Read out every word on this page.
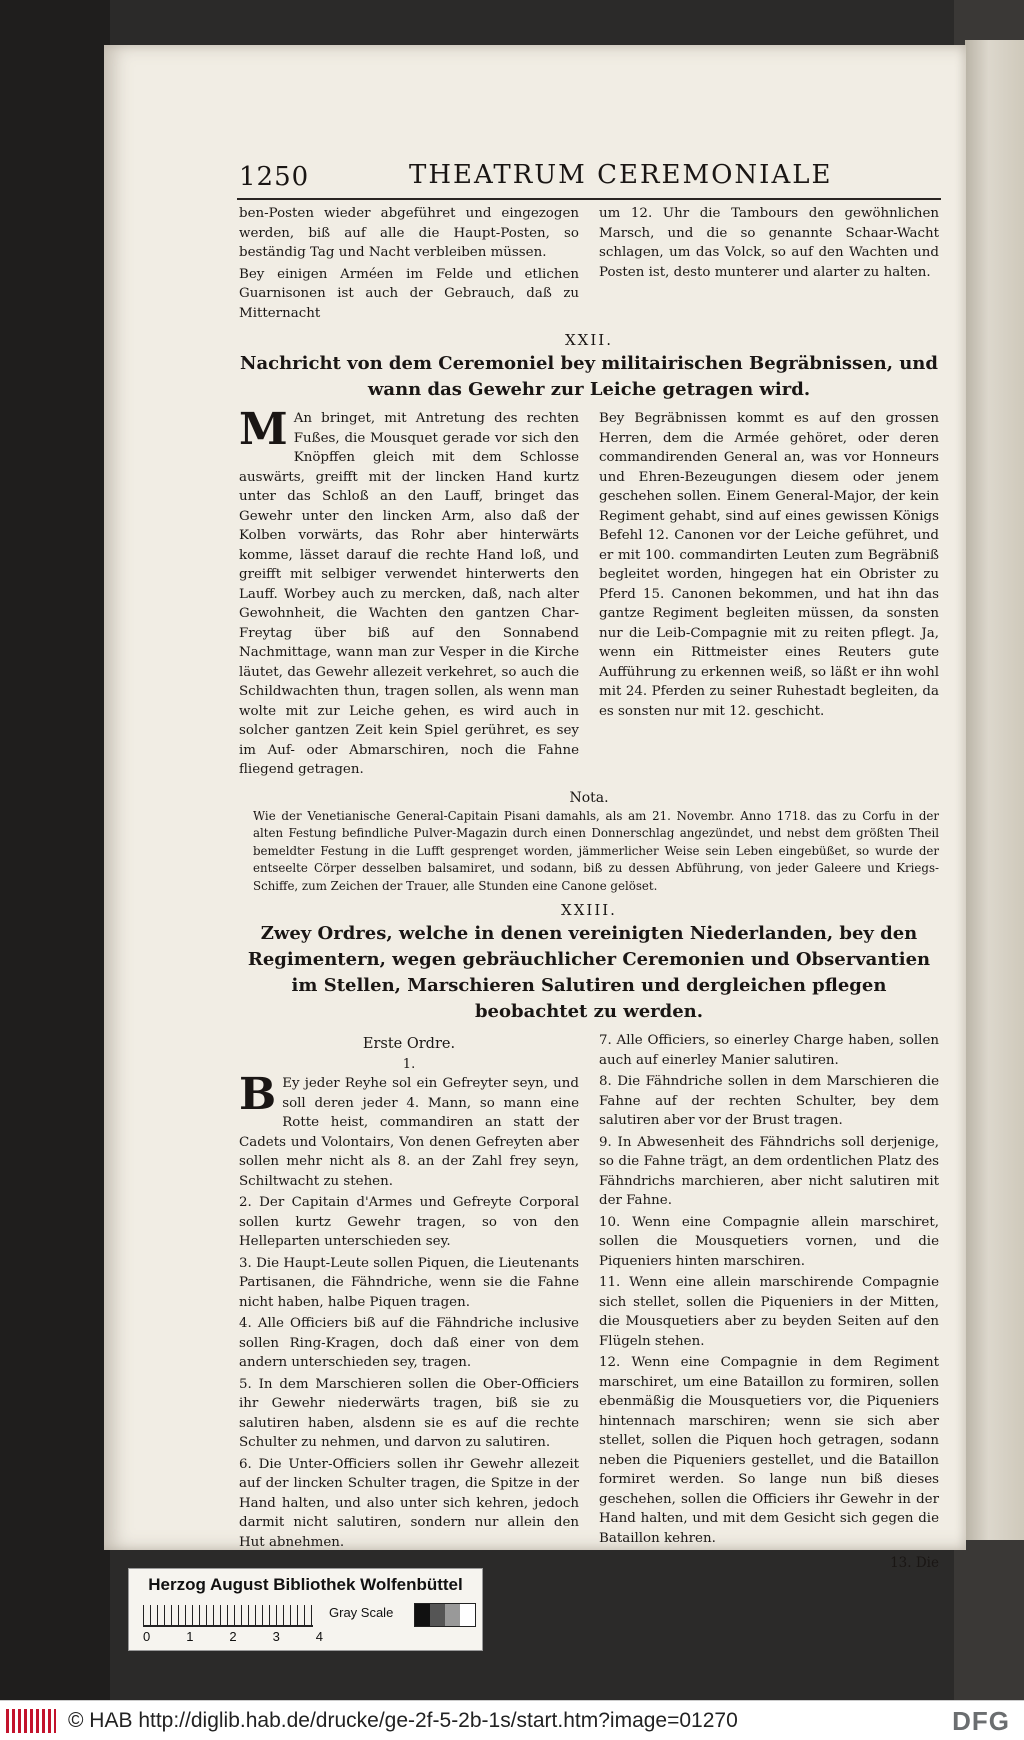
1250	THEATRUM CEREMONIALE

ben-Posten wieder abgeführet und eingezogen werden, biß auf alle die Haupt-Posten, so beständig Tag und Nacht verbleiben müssen.

Bey einigen Arméen im Felde und etlichen Guarnisonen ist auch der Gebrauch, daß zu Mitternacht

um 12. Uhr die Tambours den gewöhnlichen Marsch, und die so genannte Schaar-Wacht schlagen, um das Volck, so auf den Wachten und Posten ist, desto munterer und alarter zu halten.

XXII.
Nachricht von dem Ceremoniel bey militairischen Begräbnissen, und wann das Gewehr zur Leiche getragen wird.

M An bringet, mit Antretung des rechten Fußes, die Mousquet gerade vor sich den Knöpffen gleich mit dem Schlosse auswärts, greifft mit der lincken Hand kurtz unter das Schloß an den Lauff, bringet das Gewehr unter den lincken Arm, also daß der Kolben vorwärts, das Rohr aber hinterwärts komme, lässet darauf die rechte Hand loß, und greifft mit selbiger verwendet hinterwerts den Lauff. Worbey auch zu mercken, daß, nach alter Gewohnheit, die Wachten den gantzen Char-Freytag über biß auf den Sonnabend Nachmittage, wann man zur Vesper in die Kirche läutet, das Gewehr allezeit verkehret, so auch die Schildwachten thun, tragen sollen, als wenn man wolte mit zur Leiche gehen, es wird auch in solcher gantzen Zeit kein Spiel gerühret, es sey im Auf- oder Abmarschiren, noch die Fahne fliegend getragen.

Bey Begräbnissen kommt es auf den grossen Herren, dem die Armée gehöret, oder deren commandirenden General an, was vor Honneurs und Ehren-Bezeugungen diesem oder jenem geschehen sollen. Einem General-Major, der kein Regiment gehabt, sind auf eines gewissen Königs Befehl 12. Canonen vor der Leiche geführet, und er mit 100. commandirten Leuten zum Begräbniß begleitet worden, hingegen hat ein Obrister zu Pferd 15. Canonen bekommen, und hat ihn das gantze Regiment begleiten müssen, da sonsten nur die Leib-Compagnie mit zu reiten pflegt. Ja, wenn ein Rittmeister eines Reuters gute Aufführung zu erkennen weiß, so läßt er ihn wohl mit 24. Pferden zu seiner Ruhestadt begleiten, da es sonsten nur mit 12. geschicht.

Nota.

Wie der Venetianische General-Capitain Pisani damahls, als am 21. Novembr. Anno 1718. das zu Corfu in der alten Festung befindliche Pulver-Magazin durch einen Donnerschlag angezündet, und nebst dem größten Theil bemeldter Festung in die Lufft gesprenget worden, jämmerlicher Weise sein Leben eingebüßet, so wurde der entseelte Cörper desselben balsamiret, und sodann, biß zu dessen Abführung, von jeder Galeere und Kriegs-Schiffe, zum Zeichen der Trauer, alle Stunden eine Canone gelöset.

XXIII.
Zwey Ordres, welche in denen vereinigten Niederlanden, bey den Regimentern, wegen gebräuchlicher Ceremonien und Observantien im Stellen, Marschieren Salutiren und dergleichen pflegen beobachtet zu werden.
Erste Ordre.
1.

B Ey jeder Reyhe sol ein Gefreyter seyn, und soll deren jeder 4. Mann, so mann eine Rotte heist, commandiren an statt der Cadets und Volontairs, Von denen Gefreyten aber sollen mehr nicht als 8. an der Zahl frey seyn, Schiltwacht zu stehen.

2. Der Capitain d'Armes und Gefreyte Corporal sollen kurtz Gewehr tragen, so von den Helleparten unterschieden sey.

3. Die Haupt-Leute sollen Piquen, die Lieutenants Partisanen, die Fähndriche, wenn sie die Fahne nicht haben, halbe Piquen tragen.

4. Alle Officiers biß auf die Fähndriche inclusive sollen Ring-Kragen, doch daß einer von dem andern unterschieden sey, tragen.

5. In dem Marschieren sollen die Ober-Officiers ihr Gewehr niederwärts tragen, biß sie zu salutiren haben, alsdenn sie es auf die rechte Schulter zu nehmen, und darvon zu salutiren.

6. Die Unter-Officiers sollen ihr Gewehr allezeit auf der lincken Schulter tragen, die Spitze in der Hand halten, und also unter sich kehren, jedoch darmit nicht salutiren, sondern nur allein den Hut abnehmen.

7. Alle Officiers, so einerley Charge haben, sollen auch auf einerley Manier salutiren.

8. Die Fähndriche sollen in dem Marschieren die Fahne auf der rechten Schulter, bey dem salutiren aber vor der Brust tragen.

9. In Abwesenheit des Fähndrichs soll derjenige, so die Fahne trägt, an dem ordentlichen Platz des Fähndrichs marchieren, aber nicht salutiren mit der Fahne.

10. Wenn eine Compagnie allein marschiret, sollen die Mousquetiers vornen, und die Piqueniers hinten marschiren.

11. Wenn eine allein marschirende Compagnie sich stellet, sollen die Piqueniers in der Mitten, die Mousquetiers aber zu beyden Seiten auf den Flügeln stehen.

12. Wenn eine Compagnie in dem Regiment marschiret, um eine Bataillon zu formiren, sollen ebenmäßig die Mousquetiers vor, die Piqueniers hintennach marschiren; wenn sie sich aber stellet, sollen die Piquen hoch getragen, sodann neben die Piqueniers gestellet, und die Bataillon formiret werden. So lange nun biß dieses geschehen, sollen die Officiers ihr Gewehr in der Hand halten, und mit dem Gesicht sich gegen die Bataillon kehren.

13. Die
Herzog August Bibliothek Wolfenbüttel
Gray Scale
0	1	2	3	4
© HAB http://diglib.hab.de/drucke/ge-2f-5-2b-1s/start.htm?image=01270	DFG
